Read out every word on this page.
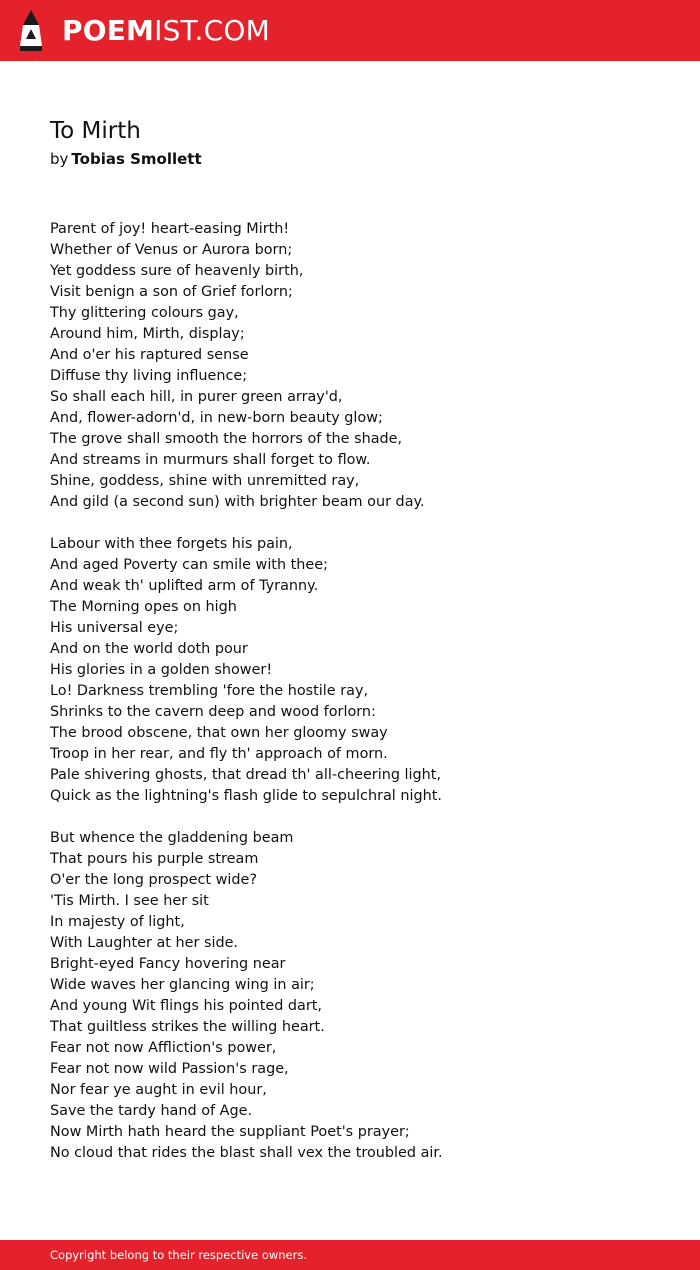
POEMIST.COM
To Mirth
by Tobias Smollett
Parent of joy! heart-easing Mirth!
Whether of Venus or Aurora born;
Yet goddess sure of heavenly birth,
Visit benign a son of Grief forlorn;
Thy glittering colours gay,
Around him, Mirth, display;
And o'er his raptured sense
Diffuse thy living influence;
So shall each hill, in purer green array'd,
And, flower-adorn'd, in new-born beauty glow;
The grove shall smooth the horrors of the shade,
And streams in murmurs shall forget to flow.
Shine, goddess, shine with unremitted ray,
And gild (a second sun) with brighter beam our day.
Labour with thee forgets his pain,
And aged Poverty can smile with thee;
And weak th' uplifted arm of Tyranny.
The Morning opes on high
His universal eye;
And on the world doth pour
His glories in a golden shower!
Lo! Darkness trembling 'fore the hostile ray,
Shrinks to the cavern deep and wood forlorn:
The brood obscene, that own her gloomy sway
Troop in her rear, and fly th' approach of morn.
Pale shivering ghosts, that dread th' all-cheering light,
Quick as the lightning's flash glide to sepulchral night.
But whence the gladdening beam
That pours his purple stream
O'er the long prospect wide?
'Tis Mirth. I see her sit
In majesty of light,
With Laughter at her side.
Bright-eyed Fancy hovering near
Wide waves her glancing wing in air;
And young Wit flings his pointed dart,
That guiltless strikes the willing heart.
Fear not now Affliction's power,
Fear not now wild Passion's rage,
Nor fear ye aught in evil hour,
Save the tardy hand of Age.
Now Mirth hath heard the suppliant Poet's prayer;
No cloud that rides the blast shall vex the troubled air.
Copyright belong to their respective owners.
